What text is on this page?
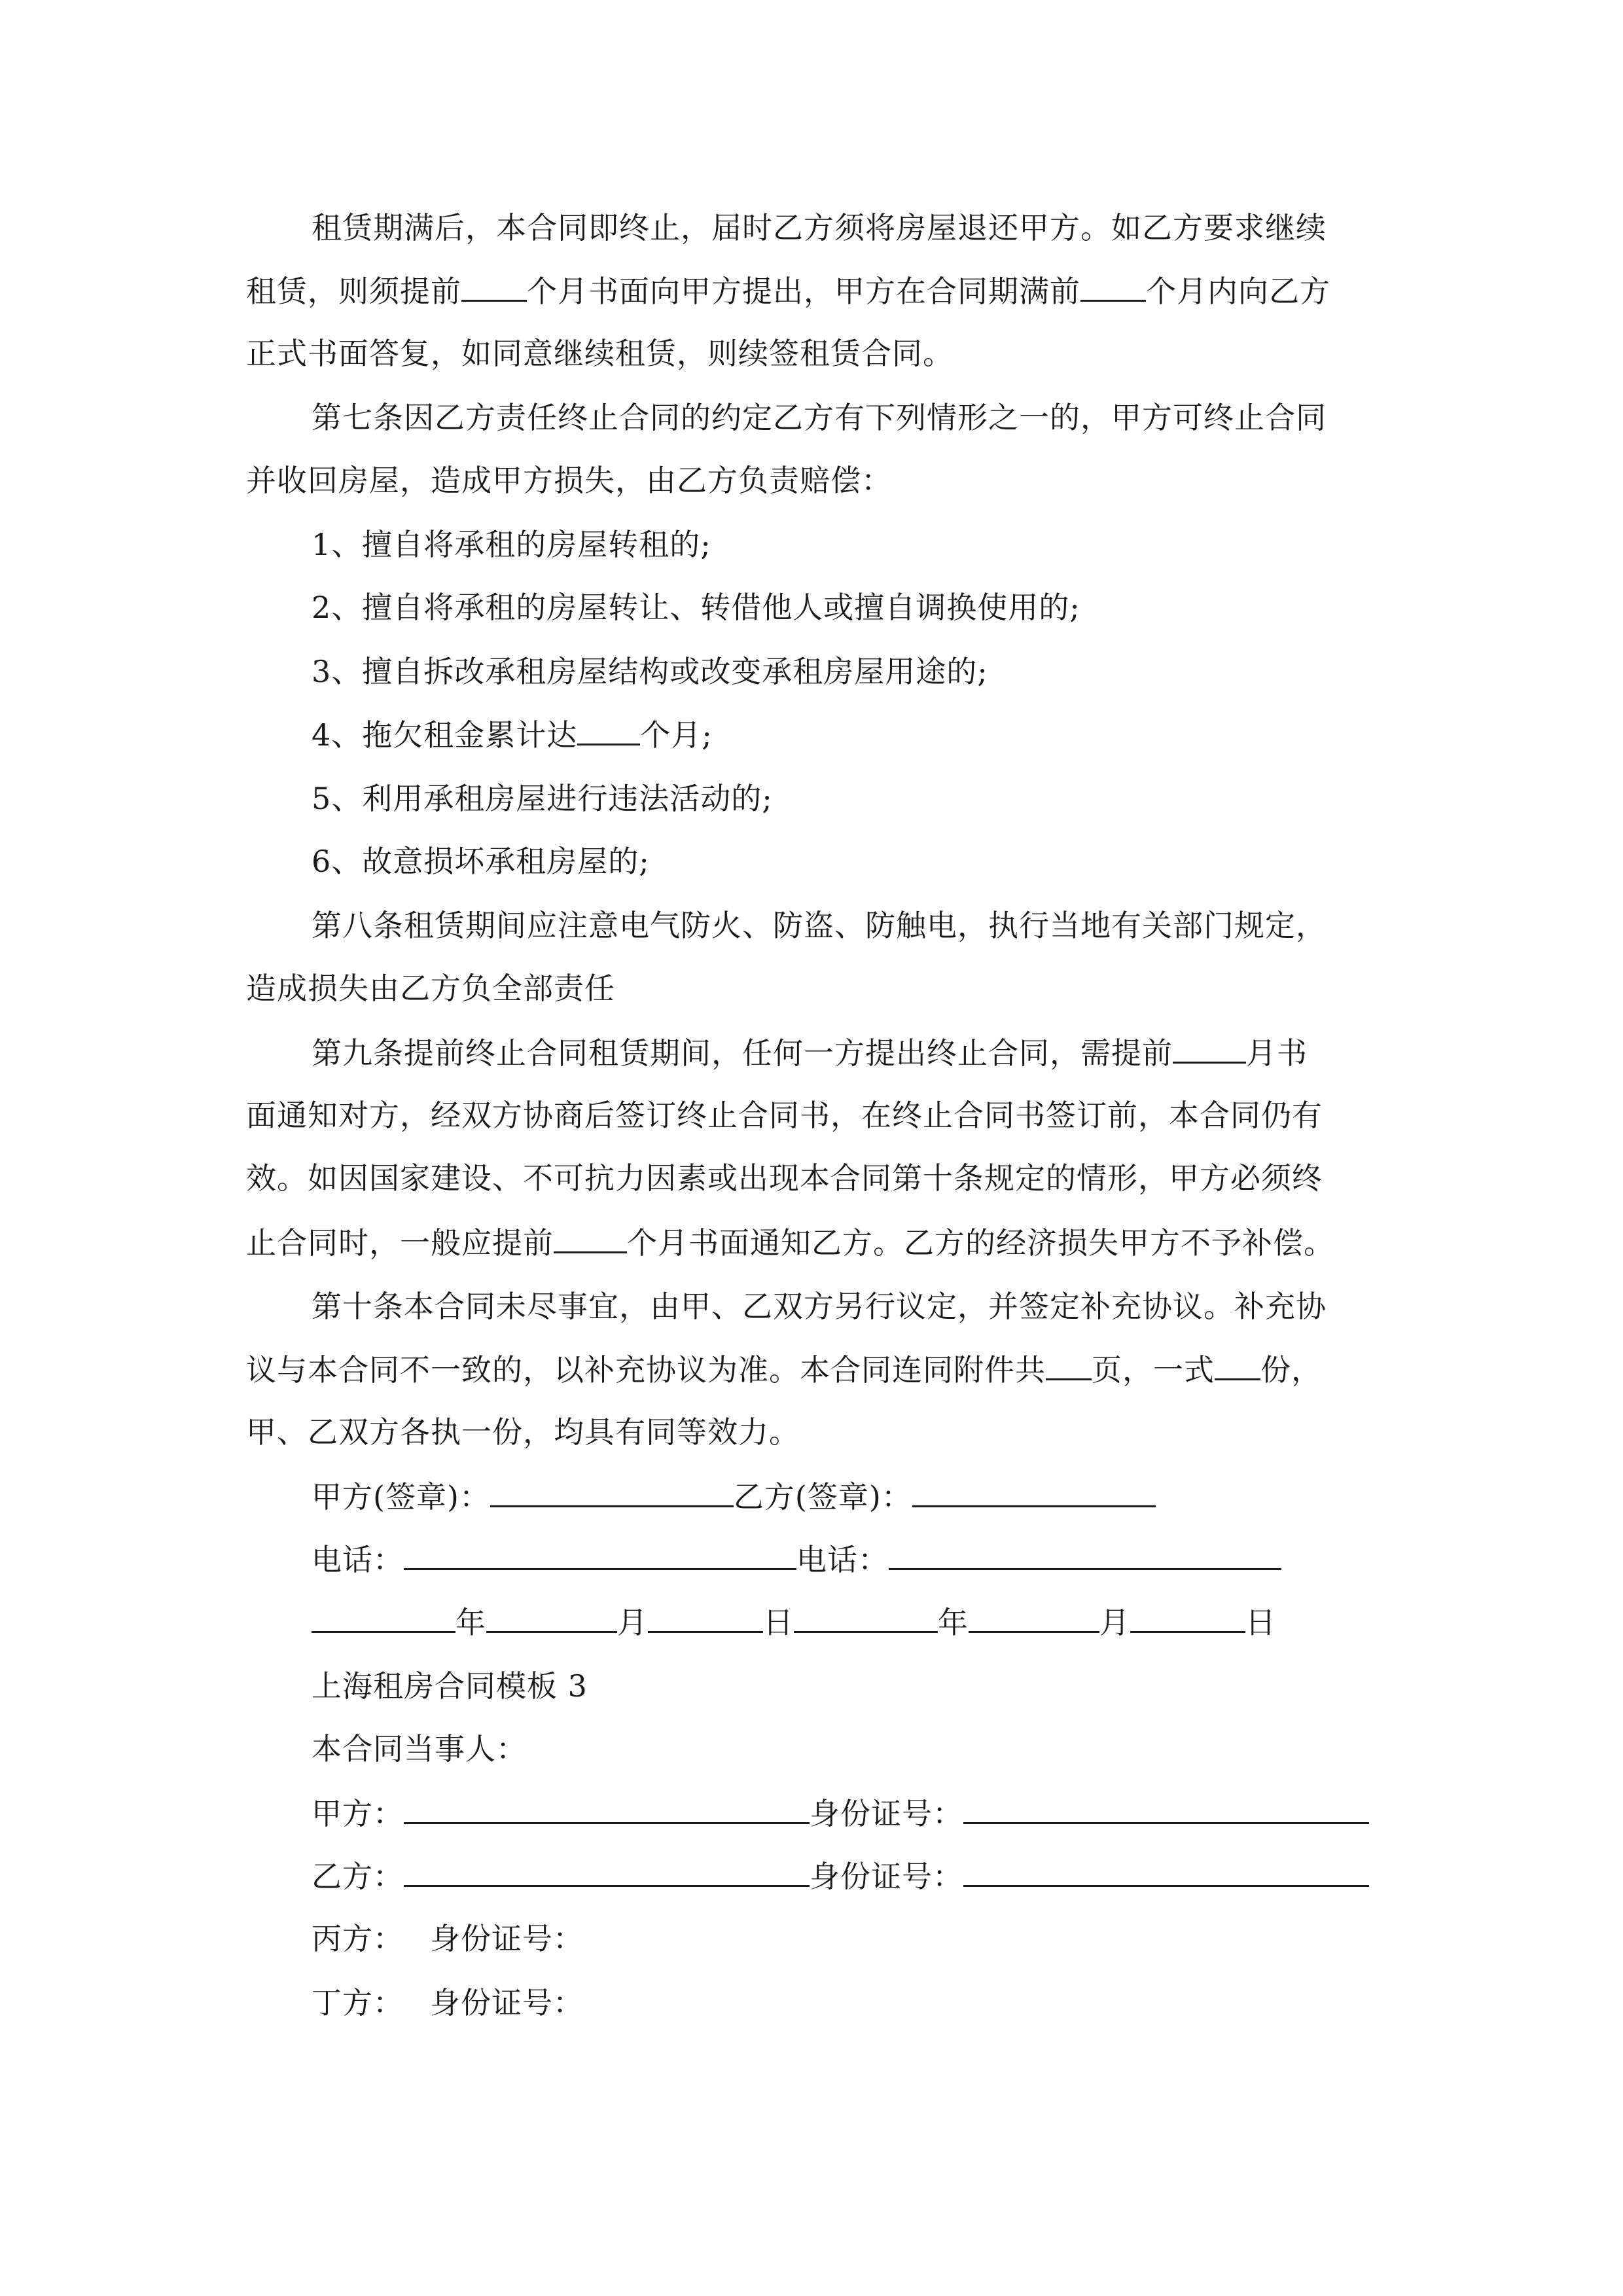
租赁期满后，本合同即终止，届时乙方须将房屋退还甲方。如乙方要求继续
租赁，则须提前 个月书面向甲方提出，甲方在合同期满前 个月内向乙方
正式书面答复，如同意继续租赁，则续签租赁合同。
第七条因乙方责任终止合同的约定乙方有下列情形之一的，甲方可终止合同
并收回房屋，造成甲方损失，由乙方负责赔偿：
1、擅自将承租的房屋转租的;
2、擅自将承租的房屋转让、转借他人或擅自调换使用的;
3、擅自拆改承租房屋结构或改变承租房屋用途的;
4、拖欠租金累计达 个月;
5、利用承租房屋进行违法活动的;
6、故意损坏承租房屋的;
第八条租赁期间应注意电气防火、防盗、防触电，执行当地有关部门规定，
造成损失由乙方负全部责任
第九条提前终止合同租赁期间，任何一方提出终止合同，需提前 月书
面通知对方，经双方协商后签订终止合同书，在终止合同书签订前，本合同仍有
效。如因国家建设、不可抗力因素或出现本合同第十条规定的情形，甲方必须终
止合同时，一般应提前 个月书面通知乙方。乙方的经济损失甲方不予补偿。
第十条本合同未尽事宜，由甲、乙双方另行议定，并签定补充协议。补充协
议与本合同不一致的，以补充协议为准。本合同连同附件共 页，一式 份，
甲、乙双方各执一份，均具有同等效力。
甲方(签章)：	乙方(签章)：
电话：	电话：
年	月	日	年	月	日
上海租房合同模板 3
本合同当事人：
甲方：	身份证号：
乙方：	身份证号：
丙方： 身份证号：
丁方： 身份证号：
